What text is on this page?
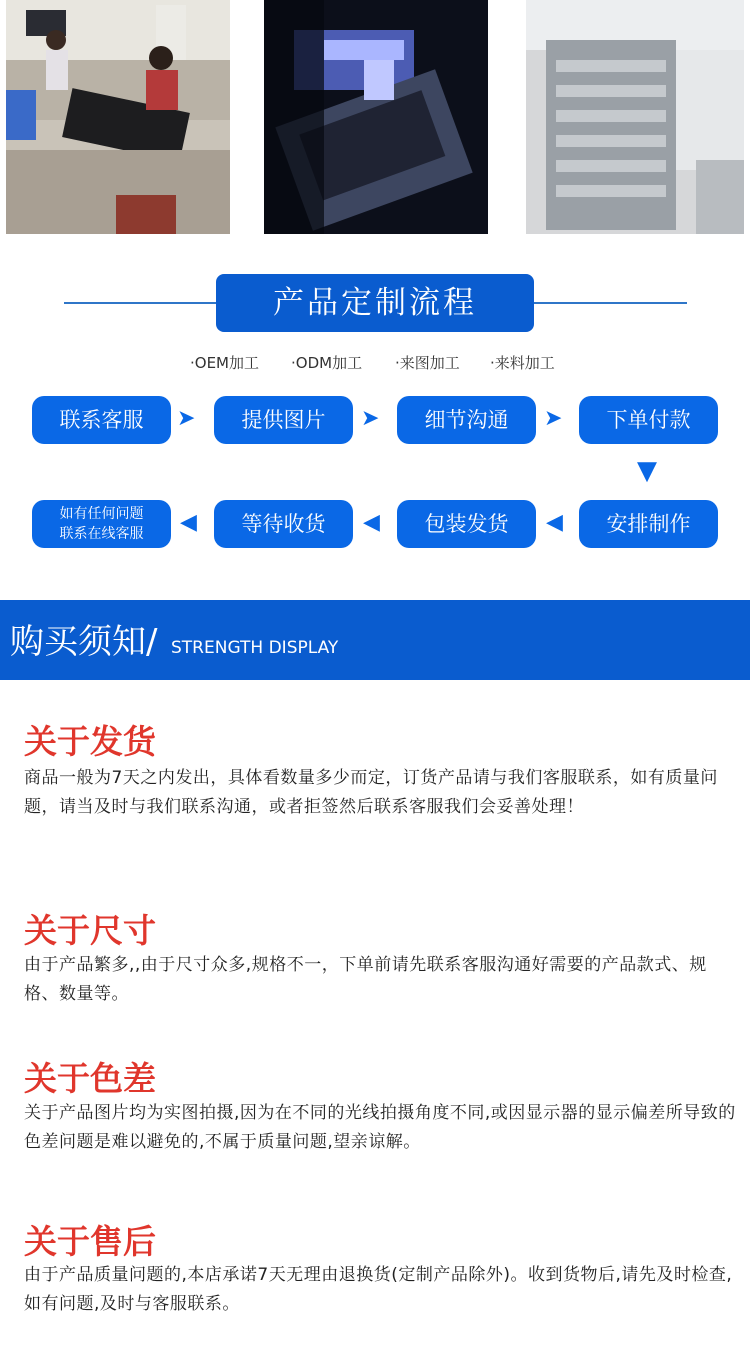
产品定制流程
·OEM加工 ·ODM加工 ·来图加工 ·来料加工
联系客服	➤	提供图片	➤	细节沟通	➤	下单付款
▼
如有任何问题
联系在线客服	◀	等待收货	◀	包装发货	◀	安排制作
购买须知/ STRENGTH DISPLAY
关于发货
商品一般为7天之内发出，具体看数量多少而定，订货产品请与我们客服联系，如有质量问题，请当及时与我们联系沟通，或者拒签然后联系客服我们会妥善处理！
关于尺寸
由于产品繁多,,由于尺寸众多,规格不一，下单前请先联系客服沟通好需要的产品款式、规格、数量等。
关于色差
关于产品图片均为实图拍摄,因为在不同的光线拍摄角度不同,或因显示器的显示偏差所导致的色差问题是难以避免的,不属于质量问题,望亲谅解。
关于售后
由于产品质量问题的,本店承诺7天无理由退换货(定制产品除外)。收到货物后,请先及时检查,如有问题,及时与客服联系。
